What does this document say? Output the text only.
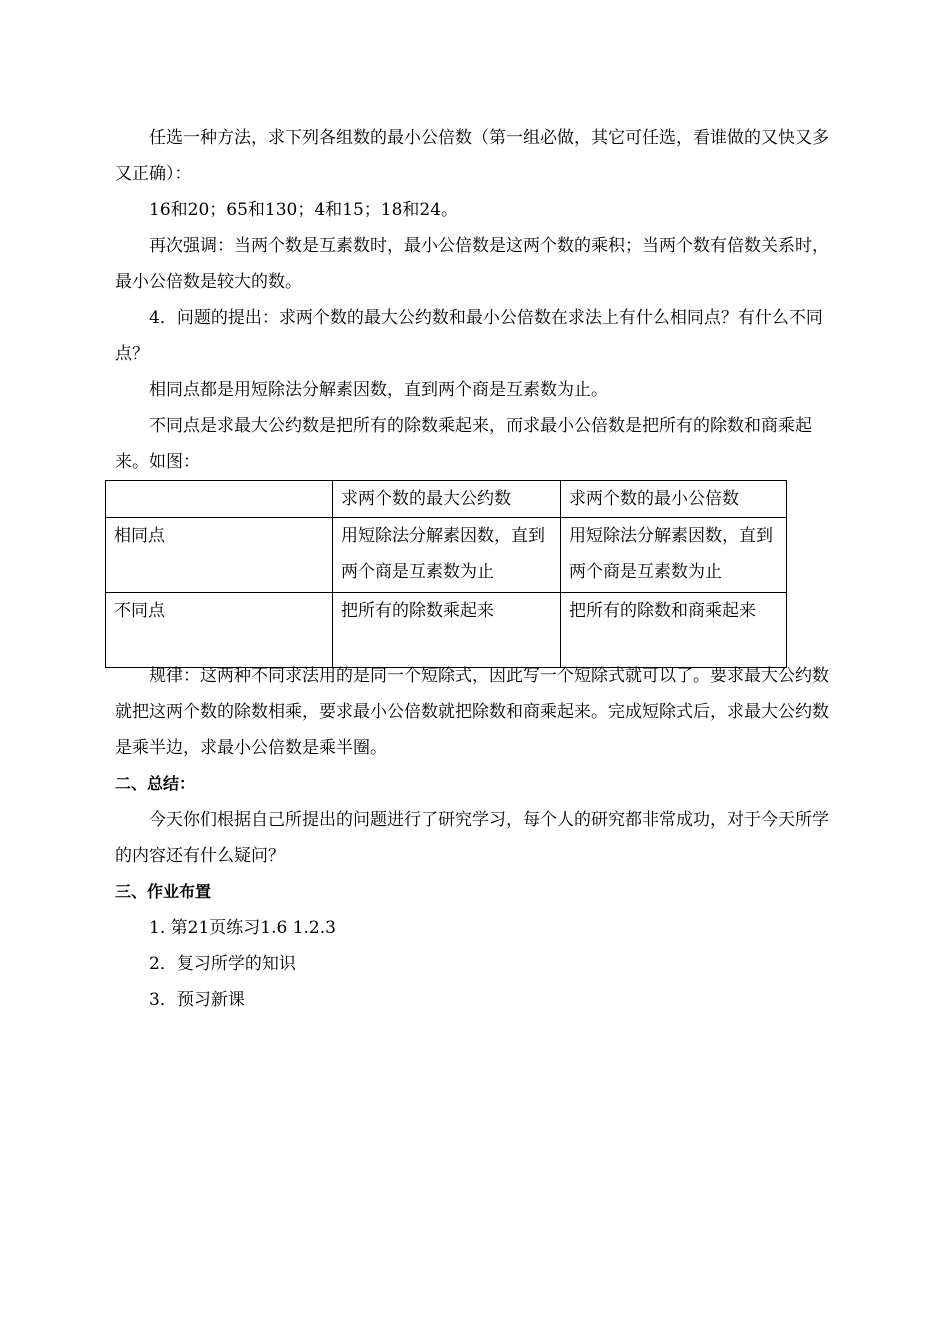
任选一种方法，求下列各组数的最小公倍数（第一组必做，其它可任选，看谁做的又快又多又正确）：

16和20；65和130；4和15；18和24。

再次强调：当两个数是互素数时，最小公倍数是这两个数的乘积；当两个数有倍数关系时，最小公倍数是较大的数。

4．问题的提出：求两个数的最大公约数和最小公倍数在求法上有什么相同点？有什么不同点？

相同点都是用短除法分解素因数，直到两个商是互素数为止。

不同点是求最大公约数是把所有的除数乘起来，而求最小公倍数是把所有的除数和商乘起来。如图：

	求两个数的最大公约数	求两个数的最小公倍数
相同点	用短除法分解素因数，直到两个商是互素数为止	用短除法分解素因数，直到两个商是互素数为止
不同点	把所有的除数乘起来	把所有的除数和商乘起来

规律：这两种不同求法用的是同一个短除式，因此写一个短除式就可以了。要求最大公约数就把这两个数的除数相乘，要求最小公倍数就把除数和商乘起来。完成短除式后，求最大公约数是乘半边，求最小公倍数是乘半圈。

二、总结：

今天你们根据自己所提出的问题进行了研究学习，每个人的研究都非常成功，对于今天所学的内容还有什么疑问？

三、作业布置

1. 第21页练习1.6 1.2.3

2．复习所学的知识

3．预习新课
